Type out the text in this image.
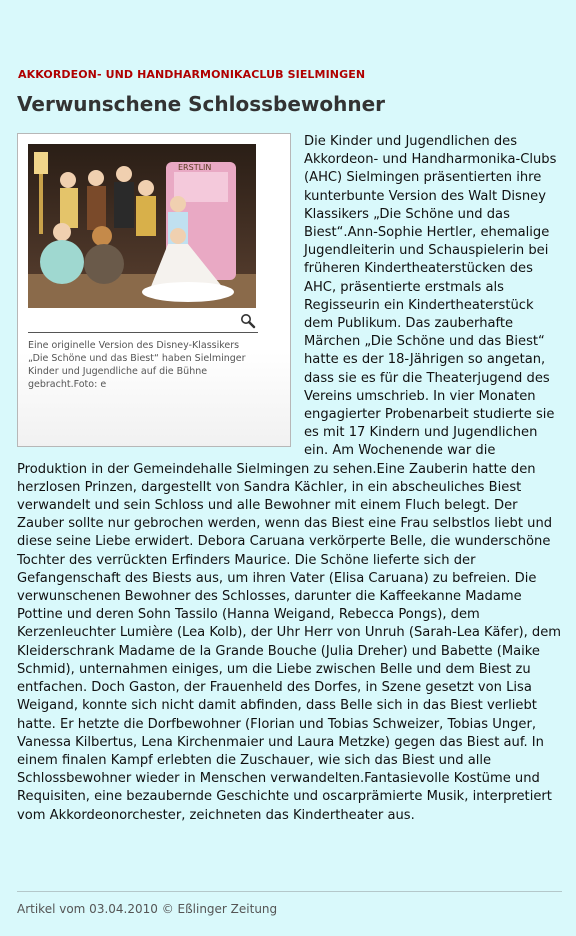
AKKORDEON- UND HANDHARMONIKACLUB SIELMINGEN
Verwunschene Schlossbewohner
ERSTLIN
Eine originelle Version des Disney-Klassikers „Die Schöne und das Biest“ haben Sielminger Kinder und Jugendliche auf die Bühne gebracht.Foto: e
Die Kinder und Jugendlichen des Akkordeon- und Handharmonika-Clubs (AHC) Sielmingen präsentierten ihre kunterbunte Version des Walt Disney Klassikers „Die Schöne und das Biest“.Ann-Sophie Hertler, ehemalige Jugendleiterin und Schauspielerin bei früheren Kindertheaterstücken des AHC, präsentierte erstmals als Regisseurin ein Kindertheaterstück dem Publikum. Das zauberhafte Märchen „Die Schöne und das Biest“ hatte es der 18-Jährigen so angetan, dass sie es für die Theaterjugend des Vereins umschrieb. In vier Monaten engagierter Probenarbeit studierte sie es mit 17 Kindern und Jugendlichen ein. Am Wochenende war die Produktion in der Gemeindehalle Sielmingen zu sehen.Eine Zauberin hatte den herzlosen Prinzen, dargestellt von Sandra Kächler, in ein abscheuliches Biest verwandelt und sein Schloss und alle Bewohner mit einem Fluch belegt. Der Zauber sollte nur gebrochen werden, wenn das Biest eine Frau selbstlos liebt und diese seine Liebe erwidert. Debora Caruana verkörperte Belle, die wunderschöne Tochter des verrückten Erfinders Maurice. Die Schöne lieferte sich der Gefangenschaft des Biests aus, um ihren Vater (Elisa Caruana) zu befreien. Die verwunschenen Bewohner des Schlosses, darunter die Kaffeekanne Madame Pottine und deren Sohn Tassilo (Hanna Weigand, Rebecca Pongs), dem Kerzenleuchter Lumière (Lea Kolb), der Uhr Herr von Unruh (Sarah-Lea Käfer), dem Kleiderschrank Madame de la Grande Bouche (Julia Dreher) und Babette (Maike Schmid), unternahmen einiges, um die Liebe zwischen Belle und dem Biest zu entfachen. Doch Gaston, der Frauenheld des Dorfes, in Szene gesetzt von Lisa Weigand, konnte sich nicht damit abfinden, dass Belle sich in das Biest verliebt hatte. Er hetzte die Dorfbewohner (Florian und Tobias Schweizer, Tobias Unger, Vanessa Kilbertus, Lena Kirchenmaier und Laura Metzke) gegen das Biest auf. In einem finalen Kampf erlebten die Zuschauer, wie sich das Biest und alle Schlossbewohner wieder in Menschen verwandelten.Fantasievolle Kostüme und Requisiten, eine bezaubernde Geschichte und oscarprämierte Musik, interpretiert vom Akkordeonorchester, zeichneten das Kindertheater aus.
Artikel vom 03.04.2010 © Eßlinger Zeitung
